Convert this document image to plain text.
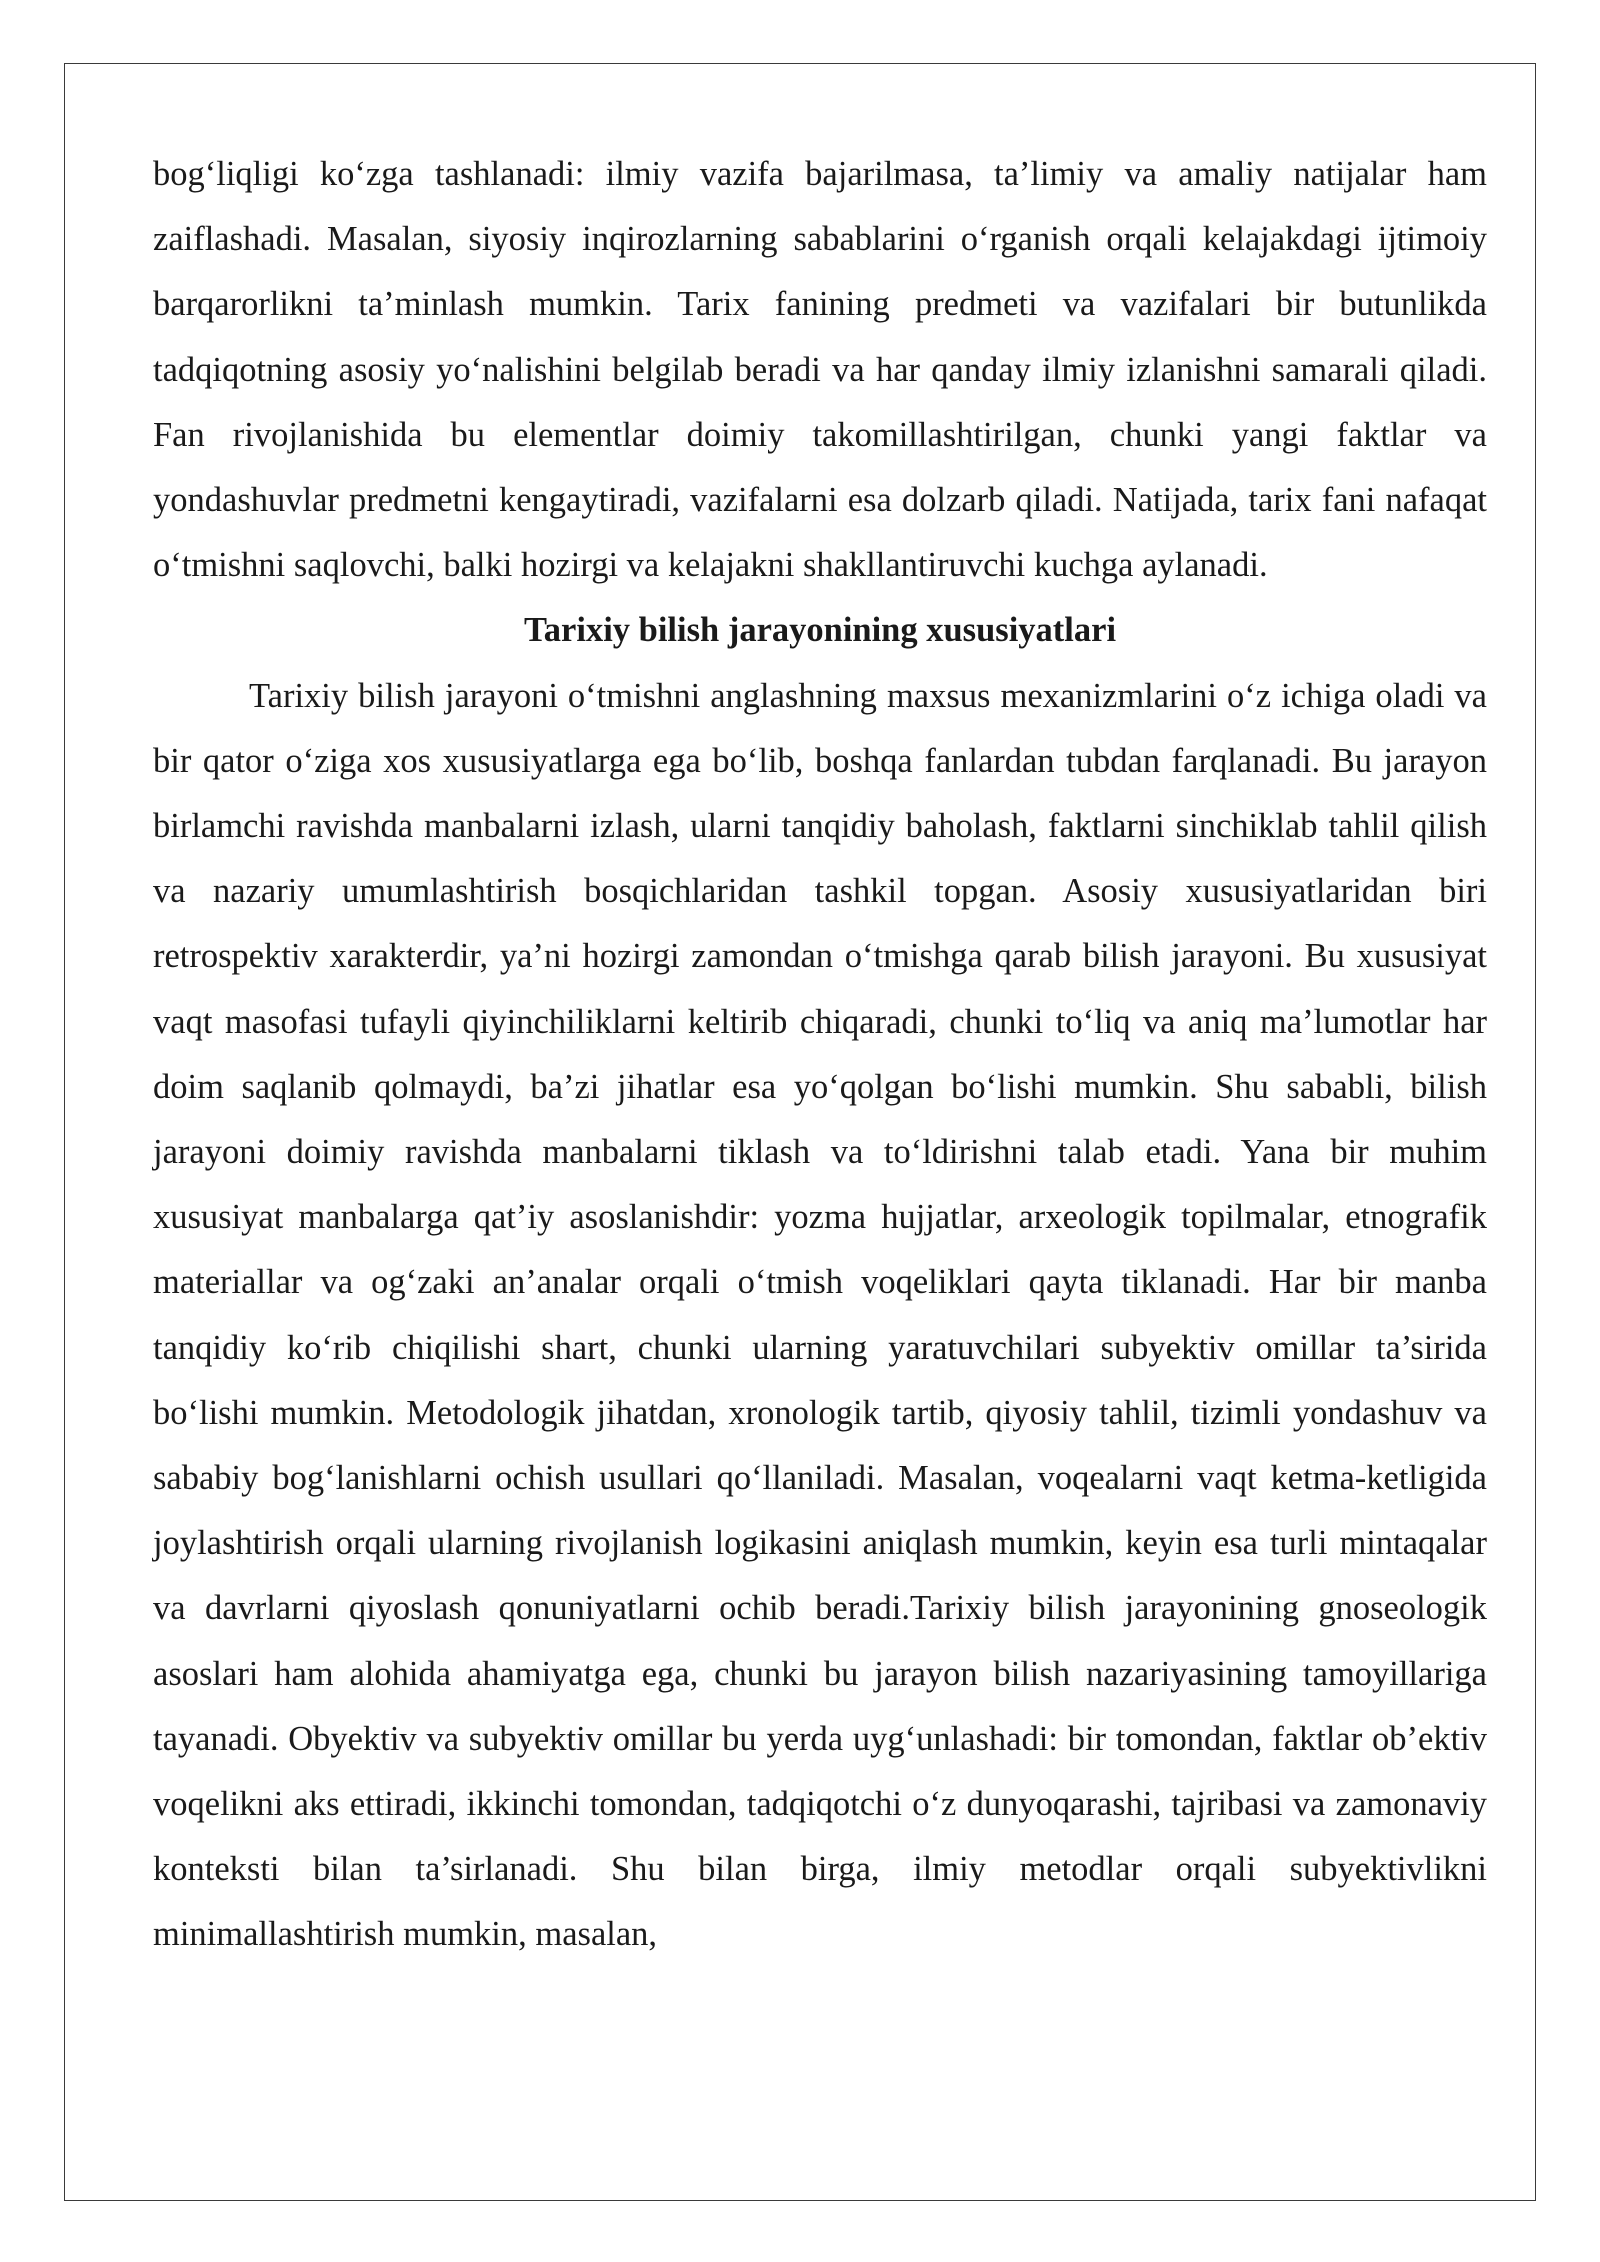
bog‘liqligi ko‘zga tashlanadi: ilmiy vazifa bajarilmasa, ta’limiy va amaliy natijalar ham zaiflashadi. Masalan, siyosiy inqirozlarning sabablarini o‘rganish orqali kelajakdagi ijtimoiy barqarorlikni ta’minlash mumkin. Tarix fanining predmeti va vazifalari bir butunlikda tadqiqotning asosiy yo‘nalishini belgilab beradi va har qanday ilmiy izlanishni samarali qiladi. Fan rivojlanishida bu elementlar doimiy takomillashtirilgan, chunki yangi faktlar va yondashuvlar predmetni kengaytiradi, vazifalarni esa dolzarb qiladi. Natijada, tarix fani nafaqat o‘tmishni saqlovchi, balki hozirgi va kelajakni shakllantiruvchi kuchga aylanadi.

Tarixiy bilish jarayonining xususiyatlari

Tarixiy bilish jarayoni o‘tmishni anglashning maxsus mexanizmlarini o‘z ichiga oladi va bir qator o‘ziga xos xususiyatlarga ega bo‘lib, boshqa fanlardan tubdan farqlanadi. Bu jarayon birlamchi ravishda manbalarni izlash, ularni tanqidiy baholash, faktlarni sinchiklab tahlil qilish va nazariy umumlashtirish bosqichlaridan tashkil topgan. Asosiy xususiyatlaridan biri retrospektiv xarakterdir, ya’ni hozirgi zamondan o‘tmishga qarab bilish jarayoni. Bu xususiyat vaqt masofasi tufayli qiyinchiliklarni keltirib chiqaradi, chunki to‘liq va aniq ma’lumotlar har doim saqlanib qolmaydi, ba’zi jihatlar esa yo‘qolgan bo‘lishi mumkin. Shu sababli, bilish jarayoni doimiy ravishda manbalarni tiklash va to‘ldirishni talab etadi. Yana bir muhim xususiyat manbalarga qat’iy asoslanishdir: yozma hujjatlar, arxeologik topilmalar, etnografik materiallar va og‘zaki an’analar orqali o‘tmish voqeliklari qayta tiklanadi. Har bir manba tanqidiy ko‘rib chiqilishi shart, chunki ularning yaratuvchilari subyektiv omillar ta’sirida bo‘lishi mumkin. Metodologik jihatdan, xronologik tartib, qiyosiy tahlil, tizimli yondashuv va sababiy bog‘lanishlarni ochish usullari qo‘llaniladi. Masalan, voqealarni vaqt ketma-ketligida joylashtirish orqali ularning rivojlanish logikasini aniqlash mumkin, keyin esa turli mintaqalar va davrlarni qiyoslash qonuniyatlarni ochib beradi.Tarixiy bilish jarayonining gnoseologik asoslari ham alohida ahamiyatga ega, chunki bu jarayon bilish nazariyasining tamoyillariga tayanadi. Obyektiv va subyektiv omillar bu yerda uyg‘unlashadi: bir tomondan, faktlar ob’ektiv voqelikni aks ettiradi, ikkinchi tomondan, tadqiqotchi o‘z dunyoqarashi, tajribasi va zamonaviy konteksti bilan ta’sirlanadi. Shu bilan birga, ilmiy metodlar orqali subyektivlikni minimallashtirish mumkin, masalan,
